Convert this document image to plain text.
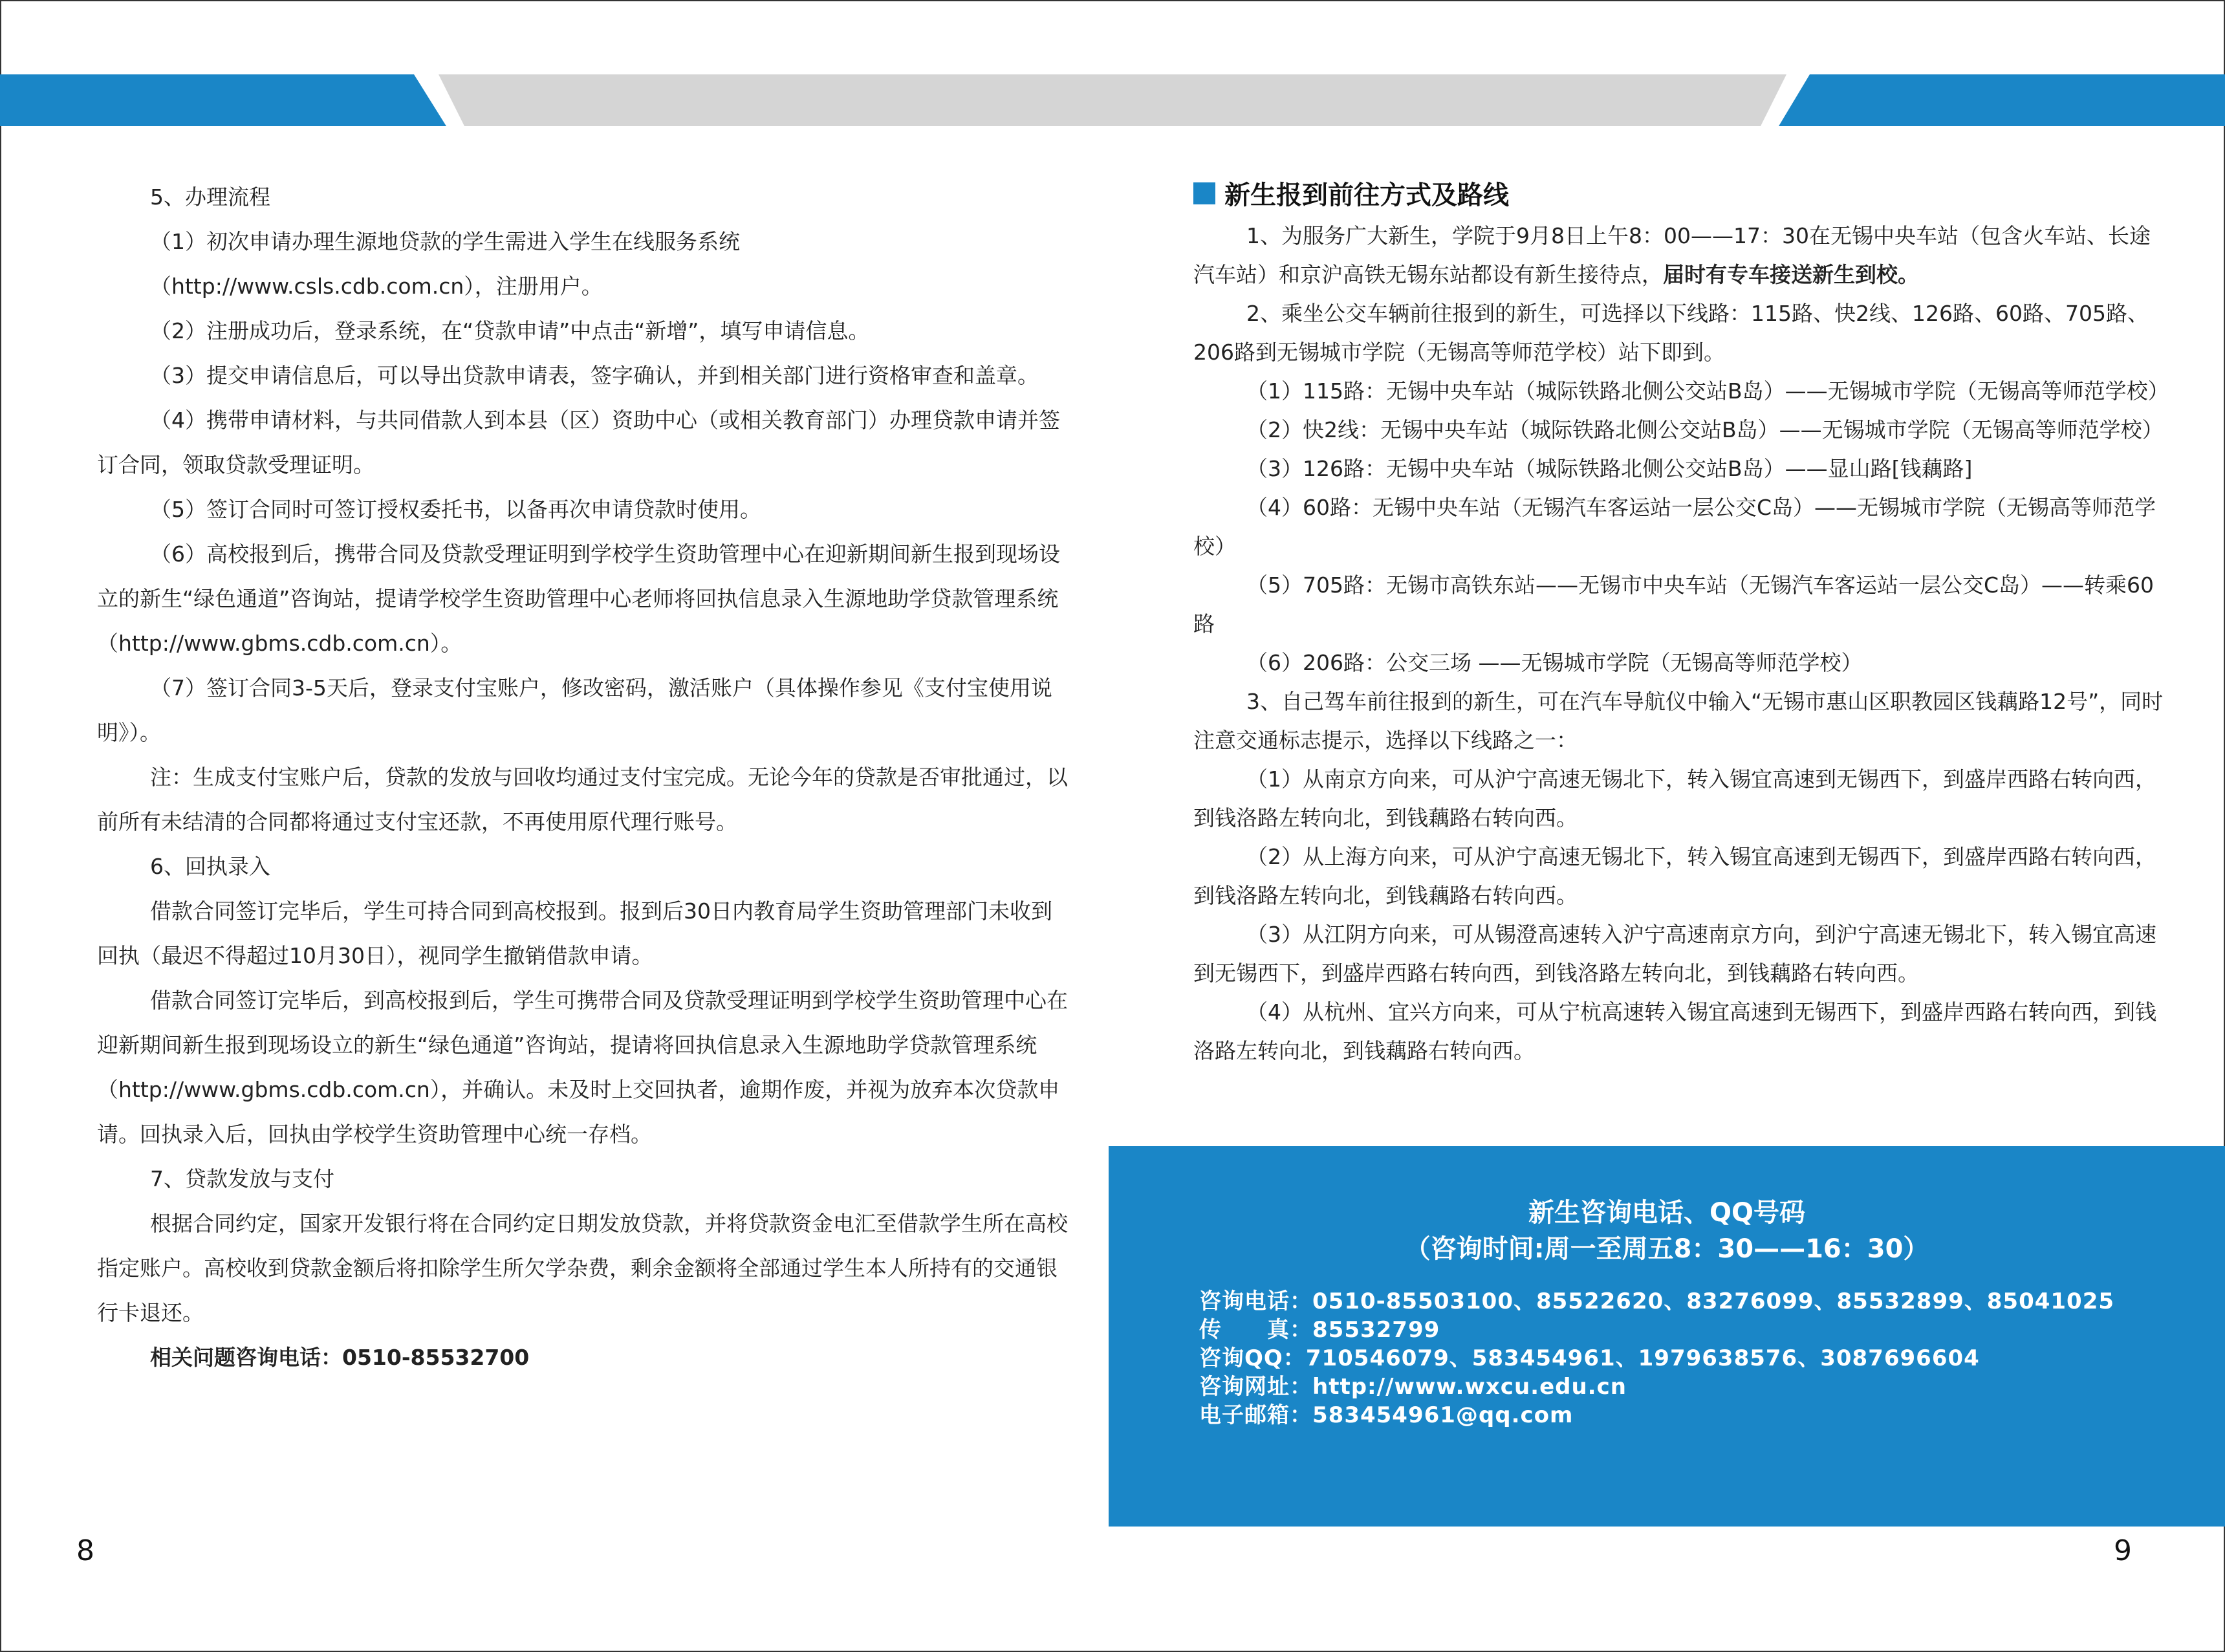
5、办理流程

（1）初次申请办理生源地贷款的学生需进入学生在线服务系统

（http://www.csls.cdb.com.cn），注册用户。

（2）注册成功后，登录系统，在“贷款申请”中点击“新增”，填写申请信息。

（3）提交申请信息后，可以导出贷款申请表，签字确认，并到相关部门进行资格审查和盖章。

（4）携带申请材料，与共同借款人到本县（区）资助中心（或相关教育部门）办理贷款申请并签订合同，领取贷款受理证明。

（5）签订合同时可签订授权委托书，以备再次申请贷款时使用。

（6）高校报到后，携带合同及贷款受理证明到学校学生资助管理中心在迎新期间新生报到现场设立的新生“绿色通道”咨询站，提请学校学生资助管理中心老师将回执信息录入生源地助学贷款管理系统（http://www.gbms.cdb.com.cn）。

（7）签订合同3-5天后，登录支付宝账户，修改密码，激活账户（具体操作参见《支付宝使用说明》）。

注：生成支付宝账户后，贷款的发放与回收均通过支付宝完成。无论今年的贷款是否审批通过，以前所有未结清的合同都将通过支付宝还款，不再使用原代理行账号。

6、回执录入

借款合同签订完毕后，学生可持合同到高校报到。报到后30日内教育局学生资助管理部门未收到回执（最迟不得超过10月30日），视同学生撤销借款申请。

借款合同签订完毕后，到高校报到后，学生可携带合同及贷款受理证明到学校学生资助管理中心在迎新期间新生报到现场设立的新生“绿色通道”咨询站，提请将回执信息录入生源地助学贷款管理系统（http://www.gbms.cdb.com.cn），并确认。未及时上交回执者，逾期作废，并视为放弃本次贷款申请。回执录入后，回执由学校学生资助管理中心统一存档。

7、贷款发放与支付

根据合同约定，国家开发银行将在合同约定日期发放贷款，并将贷款资金电汇至借款学生所在高校指定账户。高校收到贷款金额后将扣除学生所欠学杂费，剩余金额将全部通过学生本人所持有的交通银行卡退还。

相关问题咨询电话：0510-85532700

新生报到前往方式及路线

1、为服务广大新生，学院于9月8日上午8：00——17：30在无锡中央车站（包含火车站、长途汽车站）和京沪高铁无锡东站都设有新生接待点，届时有专车接送新生到校。

2、乘坐公交车辆前往报到的新生，可选择以下线路：115路、快2线、126路、60路、705路、206路到无锡城市学院（无锡高等师范学校）站下即到。

（1）115路：无锡中央车站（城际铁路北侧公交站B岛）——无锡城市学院（无锡高等师范学校）

（2）快2线：无锡中央车站（城际铁路北侧公交站B岛）——无锡城市学院（无锡高等师范学校）

（3）126路：无锡中央车站（城际铁路北侧公交站B岛）——显山路[钱藕路]

（4）60路：无锡中央车站（无锡汽车客运站一层公交C岛）——无锡城市学院（无锡高等师范学校）

（5）705路：无锡市高铁东站——无锡市中央车站（无锡汽车客运站一层公交C岛）——转乘60路

（6）206路：公交三场 ——无锡城市学院（无锡高等师范学校）

3、自己驾车前往报到的新生，可在汽车导航仪中输入“无锡市惠山区职教园区钱藕路12号”，同时注意交通标志提示，选择以下线路之一：

（1）从南京方向来，可从沪宁高速无锡北下，转入锡宜高速到无锡西下，到盛岸西路右转向西，到钱洛路左转向北，到钱藕路右转向西。

（2）从上海方向来，可从沪宁高速无锡北下，转入锡宜高速到无锡西下，到盛岸西路右转向西，到钱洛路左转向北，到钱藕路右转向西。

（3）从江阴方向来，可从锡澄高速转入沪宁高速南京方向，到沪宁高速无锡北下，转入锡宜高速到无锡西下，到盛岸西路右转向西，到钱洛路左转向北，到钱藕路右转向西。

（4）从杭州、宜兴方向来，可从宁杭高速转入锡宜高速到无锡西下，到盛岸西路右转向西，到钱洛路左转向北，到钱藕路右转向西。

新生咨询电话、QQ号码
（咨询时间:周一至周五8：30——16：30）
咨询电话：0510-85503100、85522620、83276099、85532899、85041025
传　　真：85532799
咨询QQ：710546079、583454961、1979638576、3087696604
咨询网址：http://www.wxcu.edu.cn
电子邮箱：583454961@qq.com
8	9
